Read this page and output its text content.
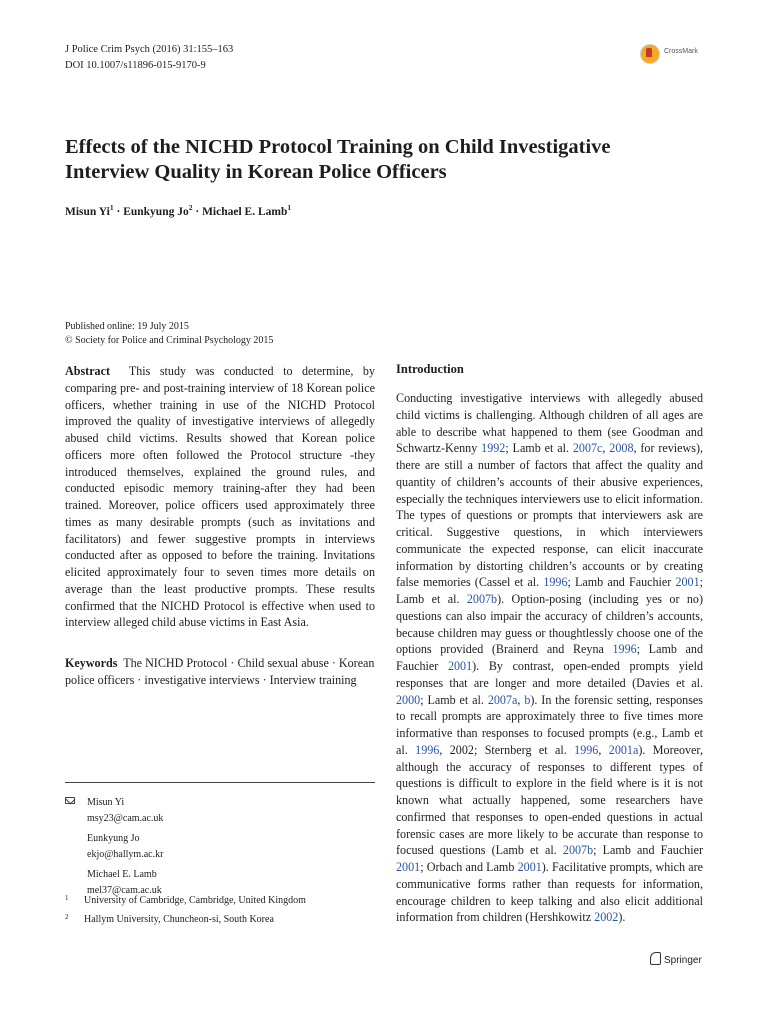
J Police Crim Psych (2016) 31:155–163
DOI 10.1007/s11896-015-9170-9
CrossMark
Effects of the NICHD Protocol Training on Child Investigative
Interview Quality in Korean Police Officers
Misun $Yi^1$ · Eunkyung $Jo^2$ · Michael E. Lamb$^1$
Published online: 19 July 2015
© Society for Police and Criminal Psychology 2015
Abstract This study was conducted to determine, by comparing pre- and post-training interview of 18 Korean police officers, whether training in use of the NICHD Protocol improved the quality of investigative interviews of allegedly abused child victims. Results showed that Korean police officers more often followed the Protocol structure -they introduced themselves, explained the ground rules, and conducted episodic memory training-after they had been trained. Moreover, police officers used approximately three times as many desirable prompts (such as invitations and facilitators) and fewer suggestive prompts in interviews conducted after as opposed to before the training. Invitations elicited approximately four to seven times more details on average than the least productive prompts. These results confirmed that the NICHD Protocol is effective when used to interview alleged child abuse victims in East Asia.
Keywords The NICHD Protocol · Child sexual abuse · Korean police officers · investigative interviews · Interview training
Introduction
Conducting investigative interviews with allegedly abused child victims is challenging. Although children of all ages are able to describe what happened to them (see Goodman and Schwartz-Kenny 1992; Lamb et al. 2007c, 2008, for reviews), there are still a number of factors that affect the quality and quantity of children’s accounts of their abusive experiences, especially the techniques interviewers use to elicit information. The types of questions or prompts that interviewers ask are critical. Suggestive questions, in which interviewers communicate the expected response, can elicit inaccurate information by distorting children’s accounts or by creating false memories (Cassel et al. 1996; Lamb and Fauchier 2001; Lamb et al. 2007b). Option-posing (including yes or no) questions can also impair the accuracy of children’s accounts, because children may guess or thoughtlessly choose one of the options provided (Brainerd and Reyna 1996; Lamb and Fauchier 2001). By contrast, open-ended prompts yield responses that are longer and more detailed (Davies et al. 2000; Lamb et al. 2007a, b). In the forensic setting, responses to recall prompts are approximately three to five times more informative than responses to focused prompts (e.g., Lamb et al. 1996, 2002; Sternberg et al. 1996, 2001a). Moreover, although the accuracy of responses to different types of questions is difficult to explore in the field where is it is not known what actually happened, some researchers have confirmed that responses to open-ended questions in actual forensic cases are more likely to be accurate than response to focused questions (Lamb et al. 2007b; Lamb and Fauchier 2001; Orbach and Lamb 2001). Facilitative prompts, which are communicative forms rather than requests for information, encourage children to keep talking and also elicit additional information from children (Hershkowitz 2002).
Misun Yi
msy23@cam.ac.uk
Eunkyung Jo
ekjo@hallym.ac.kr
Michael E. Lamb
mel37@cam.ac.uk
1 University of Cambridge, Cambridge, United Kingdom
2 Hallym University, Chuncheon-si, South Korea
Springer
